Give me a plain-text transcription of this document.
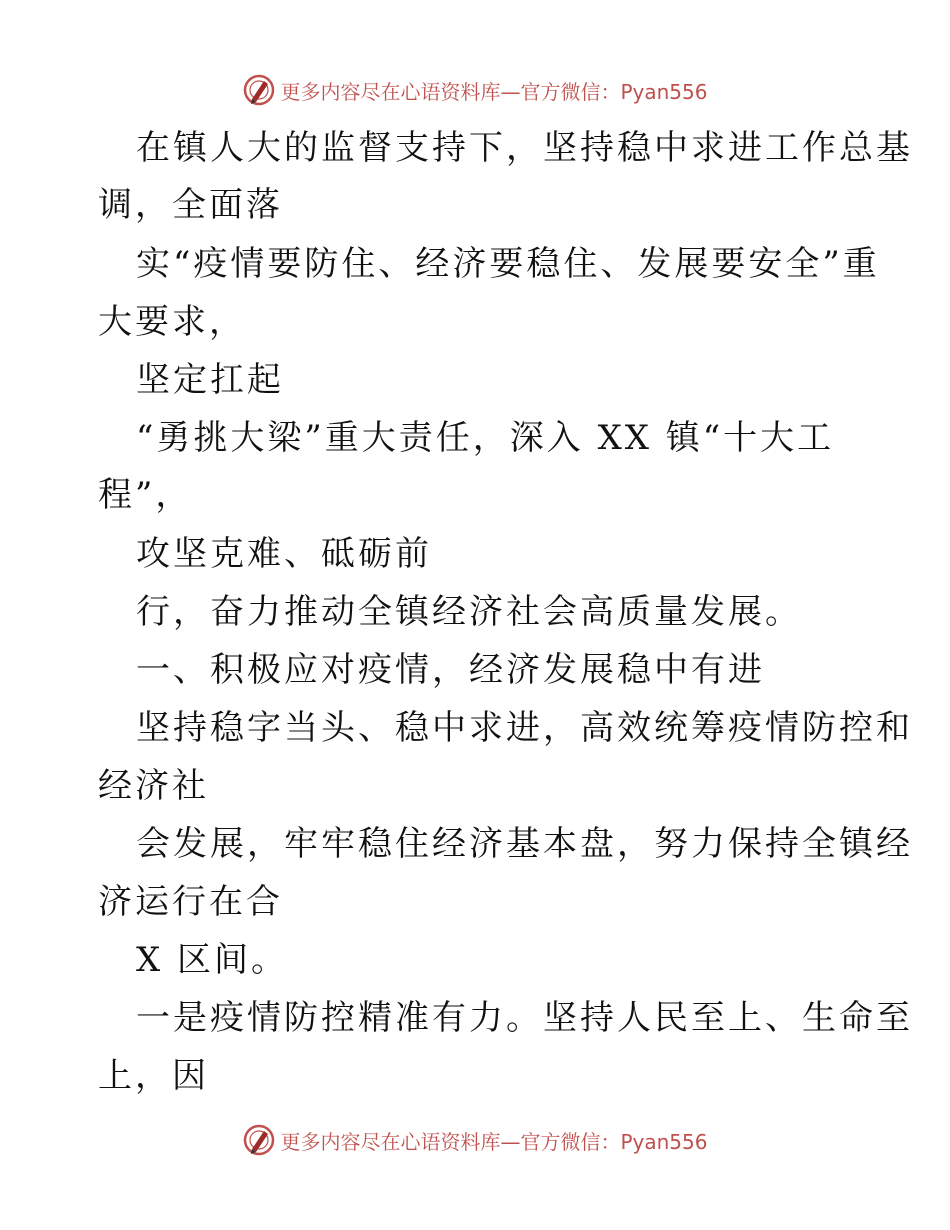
更多内容尽在心语资料库—官方微信：Pyan556
在镇人大的监督支持下，坚持稳中求进工作总基
调，全面落
实“疫情要防住、经济要稳住、发展要安全”重
大要求，
坚定扛起
“勇挑大梁”重大责任，深入 XX 镇“十大工
程”，
攻坚克难、砥砺前
行，奋力推动全镇经济社会高质量发展。
一、积极应对疫情，经济发展稳中有进
坚持稳字当头、稳中求进，高效统筹疫情防控和
经济社
会发展，牢牢稳住经济基本盘，努力保持全镇经
济运行在合
X 区间。
一是疫情防控精准有力。坚持人民至上、生命至
上，因
更多内容尽在心语资料库—官方微信：Pyan556
